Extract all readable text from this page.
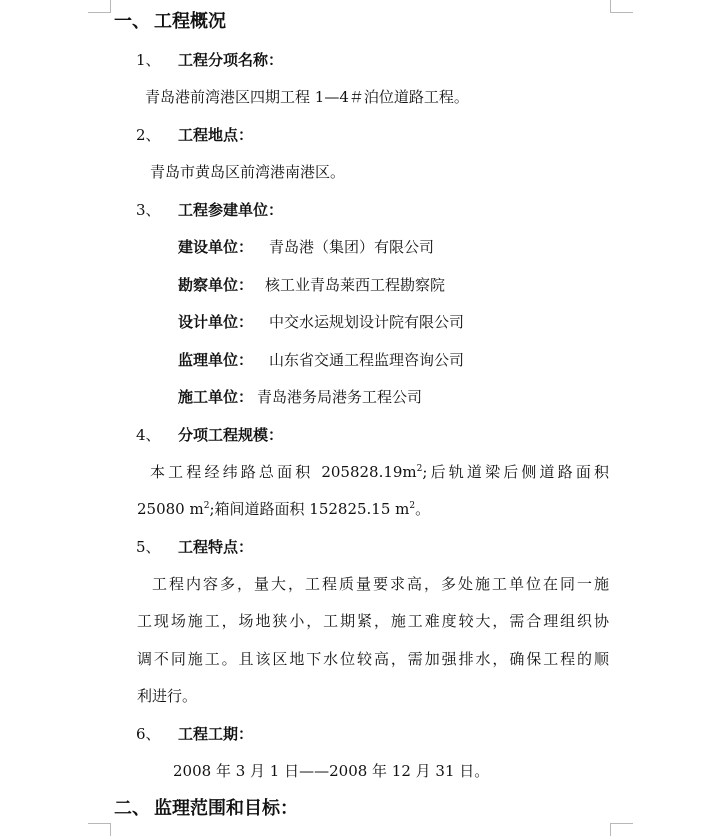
一、 工程概况
1、 工程分项名称：
青岛港前湾港区四期工程 1—4＃泊位道路工程。
2、 工程地点：
青岛市黄岛区前湾港南港区。
3、 工程参建单位：
建设单位： 青岛港（集团）有限公司
勘察单位： 核工业青岛莱西工程勘察院
设计单位： 中交水运规划设计院有限公司
监理单位： 山东省交通工程监理咨询公司
施工单位： 青岛港务局港务工程公司
4、 分项工程规模：
本工程经纬路总面积 $205828.19m^2$;后轨道梁后侧道路面积
25080 $m^2$;箱间道路面积 152825.15 $m^2$。
5、 工程特点：
工程内容多，量大，工程质量要求高，多处施工单位在同一施
工现场施工，场地狭小，工期紧，施工难度较大，需合理组织协
调不同施工。且该区地下水位较高，需加强排水，确保工程的顺
利进行。
6、 工程工期：
2008 年 3 月 1 日——2008 年 12 月 31 日。
二、 监理范围和目标：
